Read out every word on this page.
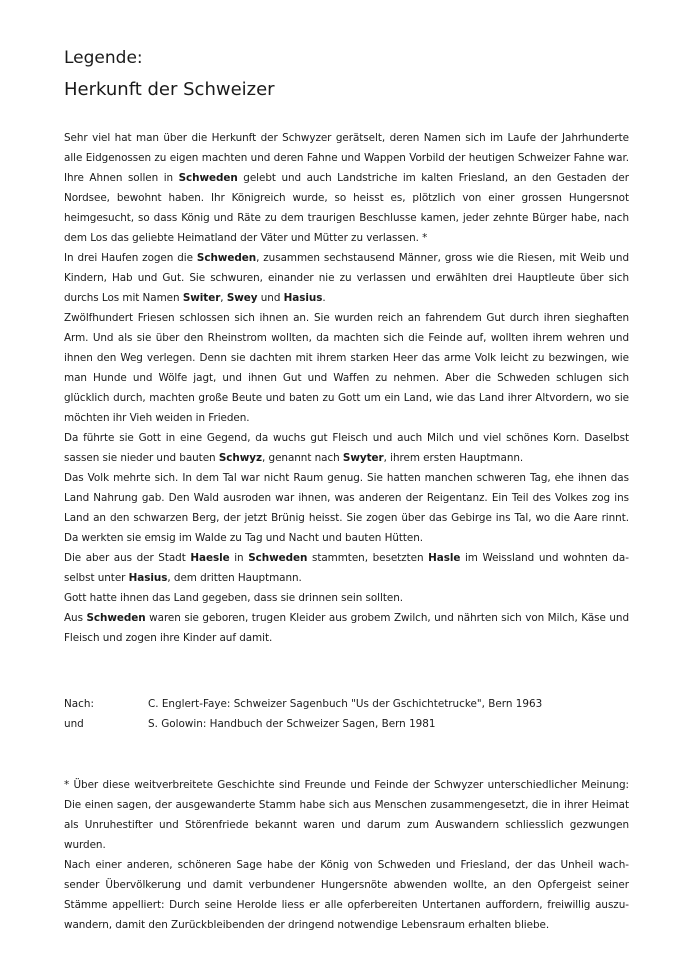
Legende:
Herkunft der Schweizer

Sehr viel hat man über die Herkunft der Schwyzer gerätselt, deren Namen sich im Laufe der Jahrhunderte alle Eidgenossen zu eigen machten und deren Fahne und Wappen Vorbild der heutigen Schweizer Fahne war. Ihre Ahnen sollen in Schweden gelebt und auch Landstriche im kalten Friesland, an den Gestaden der Nordsee, bewohnt haben. Ihr Königreich wurde, so heisst es, plötzlich von einer grossen Hungersnot heimgesucht, so dass König und Räte zu dem traurigen Beschlusse kamen, jeder zehnte Bürger habe, nach dem Los das geliebte Heimatland der Väter und Mütter zu verlassen. *

In drei Haufen zogen die Schweden, zusammen sechstausend Männer, gross wie die Riesen, mit Weib und Kindern, Hab und Gut. Sie schwuren, einander nie zu verlassen und erwählten drei Hauptleute über sich durchs Los mit Namen Switer, Swey und Hasius.

Zwölfhundert Friesen schlossen sich ihnen an. Sie wurden reich an fahrendem Gut durch ihren sieghaften Arm. Und als sie über den Rheinstrom wollten, da machten sich die Feinde auf, wollten ihrem wehren und ihnen den Weg verlegen. Denn sie dachten mit ihrem starken Heer das arme Volk leicht zu bezwingen, wie man Hunde und Wölfe jagt, und ihnen Gut und Waffen zu nehmen. Aber die Schweden schlugen sich glücklich durch, machten große Beute und baten zu Gott um ein Land, wie das Land ihrer Altvordern, wo sie möchten ihr Vieh weiden in Frieden.

Da führte sie Gott in eine Gegend, da wuchs gut Fleisch und auch Milch und viel schönes Korn. Daselbst sassen sie nieder und bauten Schwyz, genannt nach Swyter, ihrem ersten Hauptmann.

Das Volk mehrte sich. In dem Tal war nicht Raum genug. Sie hatten manchen schweren Tag, ehe ihnen das Land Nahrung gab. Den Wald ausroden war ihnen, was anderen der Reigentanz. Ein Teil des Volkes zog ins Land an den schwarzen Berg, der jetzt Brünig heisst. Sie zogen über das Gebirge ins Tal, wo die Aare rinnt. Da werkten sie emsig im Walde zu Tag und Nacht und bauten Hütten.

Die aber aus der Stadt Haesle in Schweden stammten, besetzten Hasle im Weissland und wohnten daselbst unter Hasius, dem dritten Hauptmann.

Gott hatte ihnen das Land gegeben, dass sie drinnen sein sollten.

Aus Schweden waren sie geboren, trugen Kleider aus grobem Zwilch, und nährten sich von Milch, Käse und Fleisch und zogen ihre Kinder auf damit.

Nach:	C. Englert-Faye: Schweizer Sagenbuch "Us der Gschichtetrucke", Bern 1963
und	S. Golowin: Handbuch der Schweizer Sagen, Bern 1981

* Über diese weitverbreitete Geschichte sind Freunde und Feinde der Schwyzer unterschiedlicher Meinung: Die einen sagen, der ausgewanderte Stamm habe sich aus Menschen zusammengesetzt, die in ihrer Heimat als Unruhestifter und Störenfriede bekannt waren und darum zum Auswandern schliesslich gezwungen wurden.

Nach einer anderen, schöneren Sage habe der König von Schweden und Friesland, der das Unheil wachsender Übervölkerung und damit verbundener Hungersnöte abwenden wollte, an den Opfergeist seiner Stämme appelliert: Durch seine Herolde liess er alle opferbereiten Untertanen auffordern, freiwillig auszuwandern, damit den Zurückbleibenden der dringend notwendige Lebensraum erhalten bliebe.
